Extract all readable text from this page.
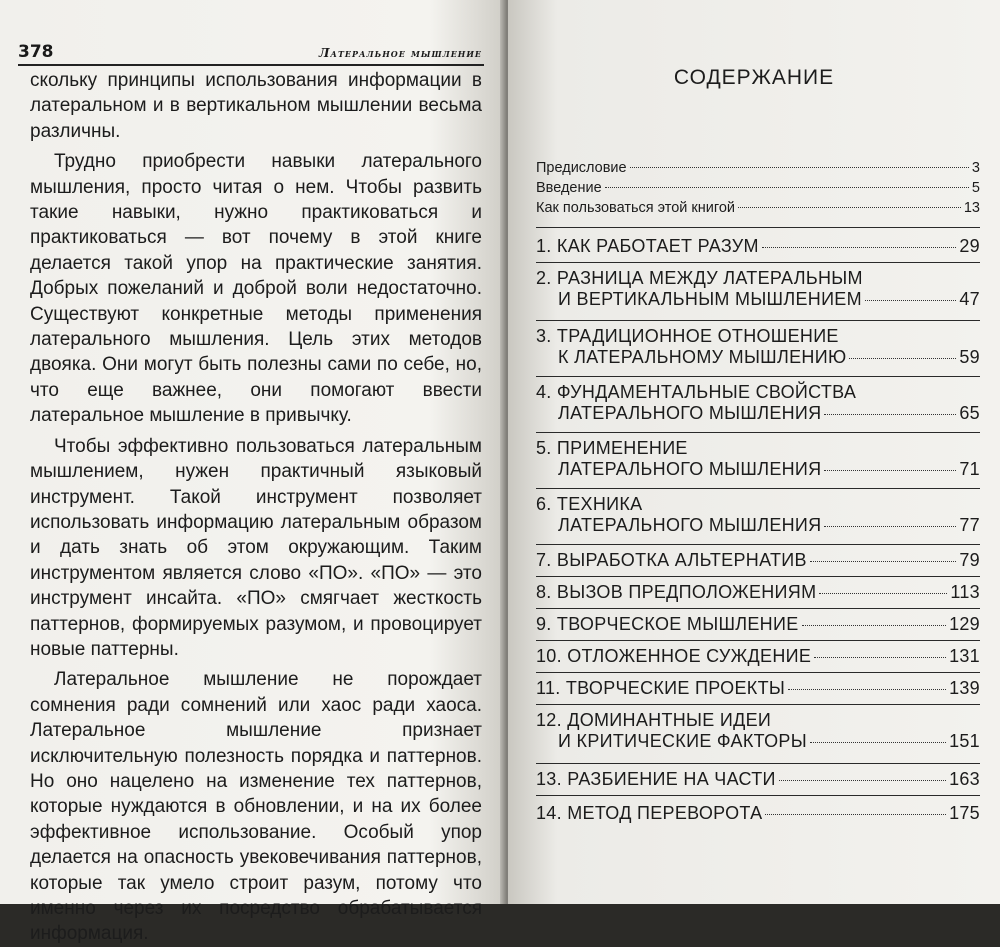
378	Латеральное мышление

скольку принципы использования информации в латеральном и в вертикальном мышлении весьма различны.

Трудно приобрести навыки латерального мышления, просто читая о нем. Чтобы развить такие навыки, нужно практиковаться и практиковаться — вот почему в этой книге делается такой упор на практические занятия. Добрых пожеланий и доброй воли недостаточно. Существуют конкретные методы применения латерального мышления. Цель этих методов двояка. Они могут быть полезны сами по себе, но, что еще важнее, они помогают ввести латеральное мышление в привычку.

Чтобы эффективно пользоваться латеральным мышлением, нужен практичный языковый инструмент. Такой инструмент позволяет использовать информацию латеральным образом и дать знать об этом окружающим. Таким инструментом является слово «ПО». «ПО» — это инструмент инсайта. «ПО» смягчает жесткость паттернов, формируемых разумом, и провоцирует новые паттерны.

Латеральное мышление не порождает сомнения ради сомнений или хаос ради хаоса. Латеральное мышление признает исключительную полезность порядка и паттернов. Но оно нацелено на изменение тех паттернов, которые нуждаются в обновлении, и на их более эффективное использование. Особый упор делается на опасность увековечивания паттернов, которые так умело строит разум, потому что именно через их посредство обрабатывается информация.

СОДЕРЖАНИЕ
Предисловие	3
Введение	5
Как пользоваться этой книгой	13
1. КАК РАБОТАЕТ РАЗУМ	29
2. РАЗНИЦА МЕЖДУ ЛАТЕРАЛЬНЫМ
И ВЕРТИКАЛЬНЫМ МЫШЛЕНИЕМ	47
3. ТРАДИЦИОННОЕ ОТНОШЕНИЕ
К ЛАТЕРАЛЬНОМУ МЫШЛЕНИЮ	59
4. ФУНДАМЕНТАЛЬНЫЕ СВОЙСТВА
ЛАТЕРАЛЬНОГО МЫШЛЕНИЯ	65
5. ПРИМЕНЕНИЕ
ЛАТЕРАЛЬНОГО МЫШЛЕНИЯ	71
6. ТЕХНИКА
ЛАТЕРАЛЬНОГО МЫШЛЕНИЯ	77
7. ВЫРАБОТКА АЛЬТЕРНАТИВ	79
8. ВЫЗОВ ПРЕДПОЛОЖЕНИЯМ	113
9. ТВОРЧЕСКОЕ МЫШЛЕНИЕ	129
10. ОТЛОЖЕННОЕ СУЖДЕНИЕ	131
11. ТВОРЧЕСКИЕ ПРОЕКТЫ	139
12. ДОМИНАНТНЫЕ ИДЕИ
И КРИТИЧЕСКИЕ ФАКТОРЫ	151
13. РАЗБИЕНИЕ НА ЧАСТИ	163
14. МЕТОД ПЕРЕВОРОТА	175
